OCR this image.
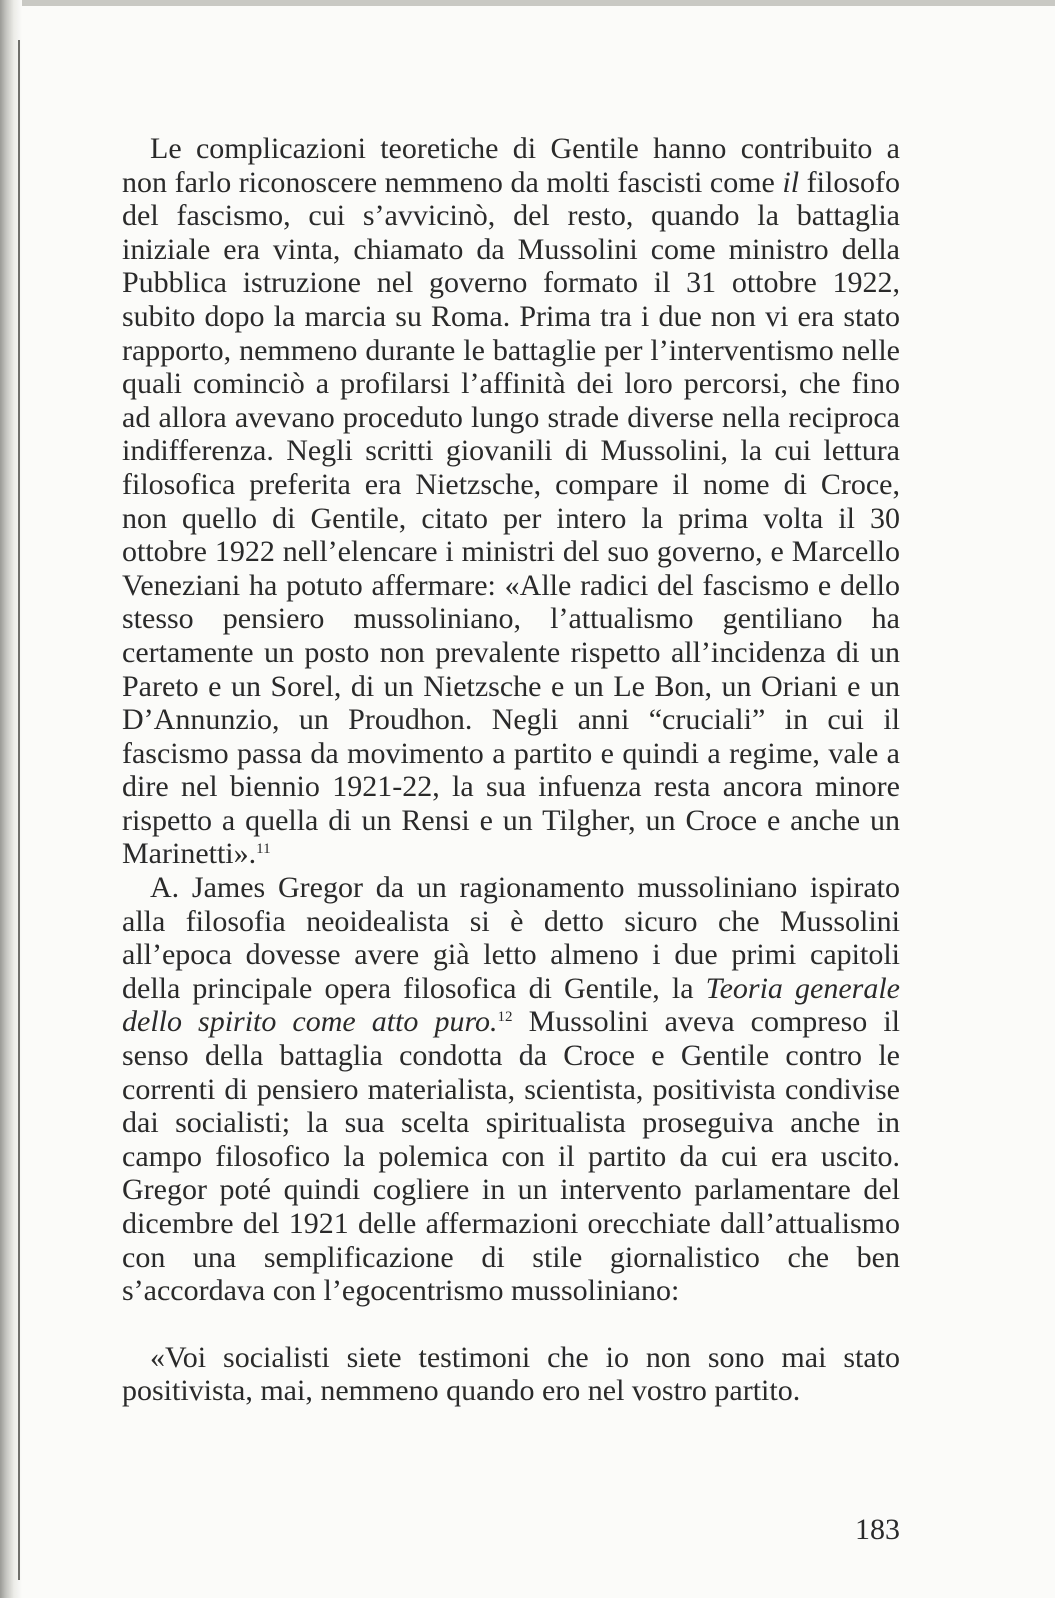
Le complicazioni teoretiche di Gentile hanno contribuito a non farlo riconoscere nemmeno da molti fascisti come il filosofo del fascismo, cui s’avvicinò, del resto, quando la battaglia iniziale era vinta, chiamato da Mussolini come ministro della Pubblica istruzione nel governo formato il 31 ottobre 1922, subito dopo la marcia su Roma. Prima tra i due non vi era stato rapporto, nemmeno durante le battaglie per l’interventismo nelle quali cominciò a profilarsi l’affinità dei loro percorsi, che fino ad allora avevano proceduto lungo strade diverse nella reciproca indifferenza. Negli scritti giovanili di Mussolini, la cui lettura filosofica preferita era Nietzsche, compare il nome di Croce, non quello di Gentile, citato per intero la prima volta il 30 ottobre 1922 nell’elencare i ministri del suo governo, e Marcello Veneziani ha potuto affermare: «Alle radici del fascismo e dello stesso pensiero mussoliniano, l’attualismo gentiliano ha certamente un posto non prevalente rispetto all’incidenza di un Pareto e un Sorel, di un Nietzsche e un Le Bon, un Oriani e un D’Annunzio, un Proudhon. Negli anni “cruciali” in cui il fascismo passa da movimento a partito e quindi a regime, vale a dire nel biennio 1921-22, la sua infuenza resta ancora minore rispetto a quella di un Rensi e un Tilgher, un Croce e anche un Marinetti».$^{11}$

A. James Gregor da un ragionamento mussoliniano ispirato alla filosofia neoidealista si è detto sicuro che Mussolini all’epoca dovesse avere già letto almeno i due primi capitoli della principale opera filosofica di Gentile, la Teoria generale dello spirito come atto puro.$^{12}$ Mussolini aveva compreso il senso della battaglia condotta da Croce e Gentile contro le correnti di pensiero materialista, scientista, positivista condivise dai socialisti; la sua scelta spiritualista proseguiva anche in campo filosofico la polemica con il partito da cui era uscito. Gregor poté quindi cogliere in un intervento parlamentare del dicembre del 1921 delle affermazioni orecchiate dall’attualismo con una semplificazione di stile giornalistico che ben s’accordava con l’egocentrismo mussoliniano:

«Voi socialisti siete testimoni che io non sono mai stato positivista, mai, nemmeno quando ero nel vostro partito.

183
